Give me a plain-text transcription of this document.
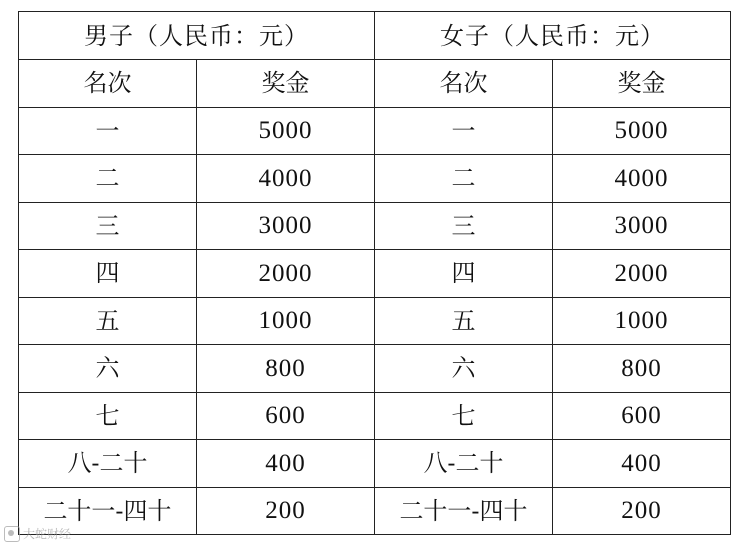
男子（人民币：元）		女子（人民币：元）	
名次	奖金	名次	奖金
一	5000	一	5000
二	4000	二	4000
三	3000	三	3000
四	2000	四	2000
五	1000	五	1000
六	800	六	800
七	600	七	600
八-二十	400	八-二十	400
二十一-四十	200	二十一-四十	200
大蛇财经
